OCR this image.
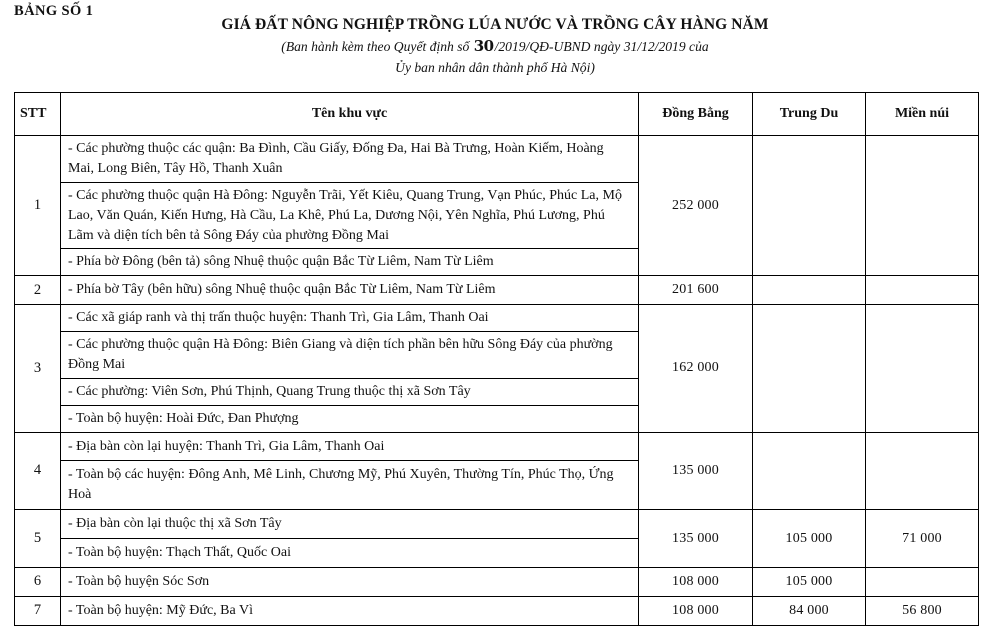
BẢNG SỐ 1
GIÁ ĐẤT NÔNG NGHIỆP TRỒNG LÚA NƯỚC VÀ TRỒNG CÂY HÀNG NĂM
(Ban hành kèm theo Quyết định số 30/2019/QĐ-UBND ngày 31/12/2019 của
Ủy ban nhân dân thành phố Hà Nội)
STT	Tên khu vực	Đồng Bằng	Trung Du	Miền núi
1	- Các phường thuộc các quận: Ba Đình, Cầu Giấy, Đống Đa, Hai Bà Trưng, Hoàn Kiếm, Hoàng Mai, Long Biên, Tây Hồ, Thanh Xuân
- Các phường thuộc quận Hà Đông: Nguyễn Trãi, Yết Kiêu, Quang Trung, Vạn Phúc, Phúc La, Mộ Lao, Văn Quán, Kiến Hưng, Hà Cầu, La Khê, Phú La, Dương Nội, Yên Nghĩa, Phú Lương, Phú Lãm và diện tích bên tả Sông Đáy của phường Đồng Mai
- Phía bờ Đông (bên tả) sông Nhuệ thuộc quận Bắc Từ Liêm, Nam Từ Liêm	252 000		
2	- Phía bờ Tây (bên hữu) sông Nhuệ thuộc quận Bắc Từ Liêm, Nam Từ Liêm	201 600		
3	- Các xã giáp ranh và thị trấn thuộc huyện: Thanh Trì, Gia Lâm, Thanh Oai
- Các phường thuộc quận Hà Đông: Biên Giang và diện tích phần bên hữu Sông Đáy của phường Đồng Mai
- Các phường: Viên Sơn, Phú Thịnh, Quang Trung thuộc thị xã Sơn Tây
- Toàn bộ huyện: Hoài Đức, Đan Phượng	162 000		
4	- Địa bàn còn lại huyện: Thanh Trì, Gia Lâm, Thanh Oai
- Toàn bộ các huyện: Đông Anh, Mê Linh, Chương Mỹ, Phú Xuyên, Thường Tín, Phúc Thọ, Ứng Hoà	135 000		
5	- Địa bàn còn lại thuộc thị xã Sơn Tây
- Toàn bộ huyện: Thạch Thất, Quốc Oai	135 000	105 000	71 000
6	- Toàn bộ huyện Sóc Sơn	108 000	105 000	
7	- Toàn bộ huyện: Mỹ Đức, Ba Vì	108 000	84 000	56 800
